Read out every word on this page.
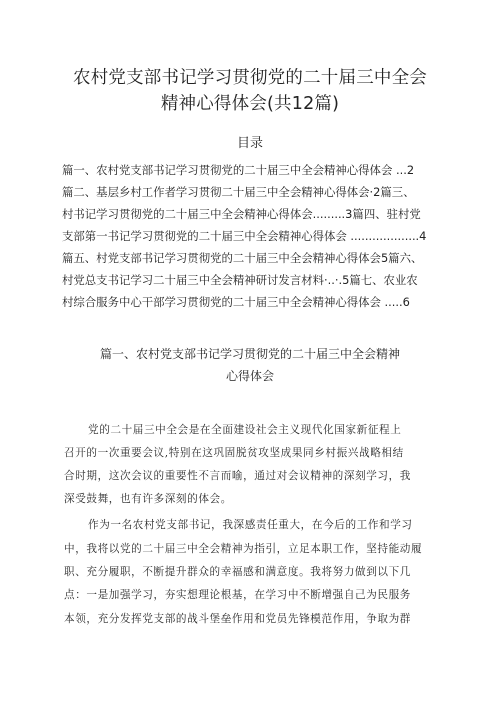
农村党支部书记学习贯彻党的二十届三中全会
精神心得体会(共12篇)
目录
篇一、农村党支部书记学习贯彻党的二十届三中全会精神心得体会 ...2
篇二、基层乡村工作者学习贯彻二十届三中全会精神心得体会·2篇三、
村书记学习贯彻党的二十届三中全会精神心得体会.........3篇四、驻村党
支部第一书记学习贯彻党的二十届三中全会精神心得体会 ...................4
篇五、村党支部书记学习贯彻党的二十届三中全会精神心得体会5篇六、
村党总支书记学习二十届三中全会精神研讨发言材料·..·.5篇七、农业农
村综合服务中心干部学习贯彻党的二十届三中全会精神心得体会 .....6
篇一、农村党支部书记学习贯彻党的二十届三中全会精神
心得体会
党的二十届三中全会是在全面建设社会主义现代化国家新征程上
召开的一次重要会议,特别在这巩固脱贫攻坚成果同乡村振兴战略相结
合时期，这次会议的重要性不言而喻，通过对会议精神的深刻学习，我
深受鼓舞，也有许多深刻的体会。
作为一名农村党支部书记，我深感责任重大，在今后的工作和学习
中，我将以党的二十届三中全会精神为指引，立足本职工作，坚持能动履
职、充分履职，不断提升群众的幸福感和满意度。我将努力做到以下几
点：一是加强学习，夯实想理论根基，在学习中不断增强自己为民服务
本领，充分发挥党支部的战斗堡垒作用和党员先锋模范作用，争取为群
